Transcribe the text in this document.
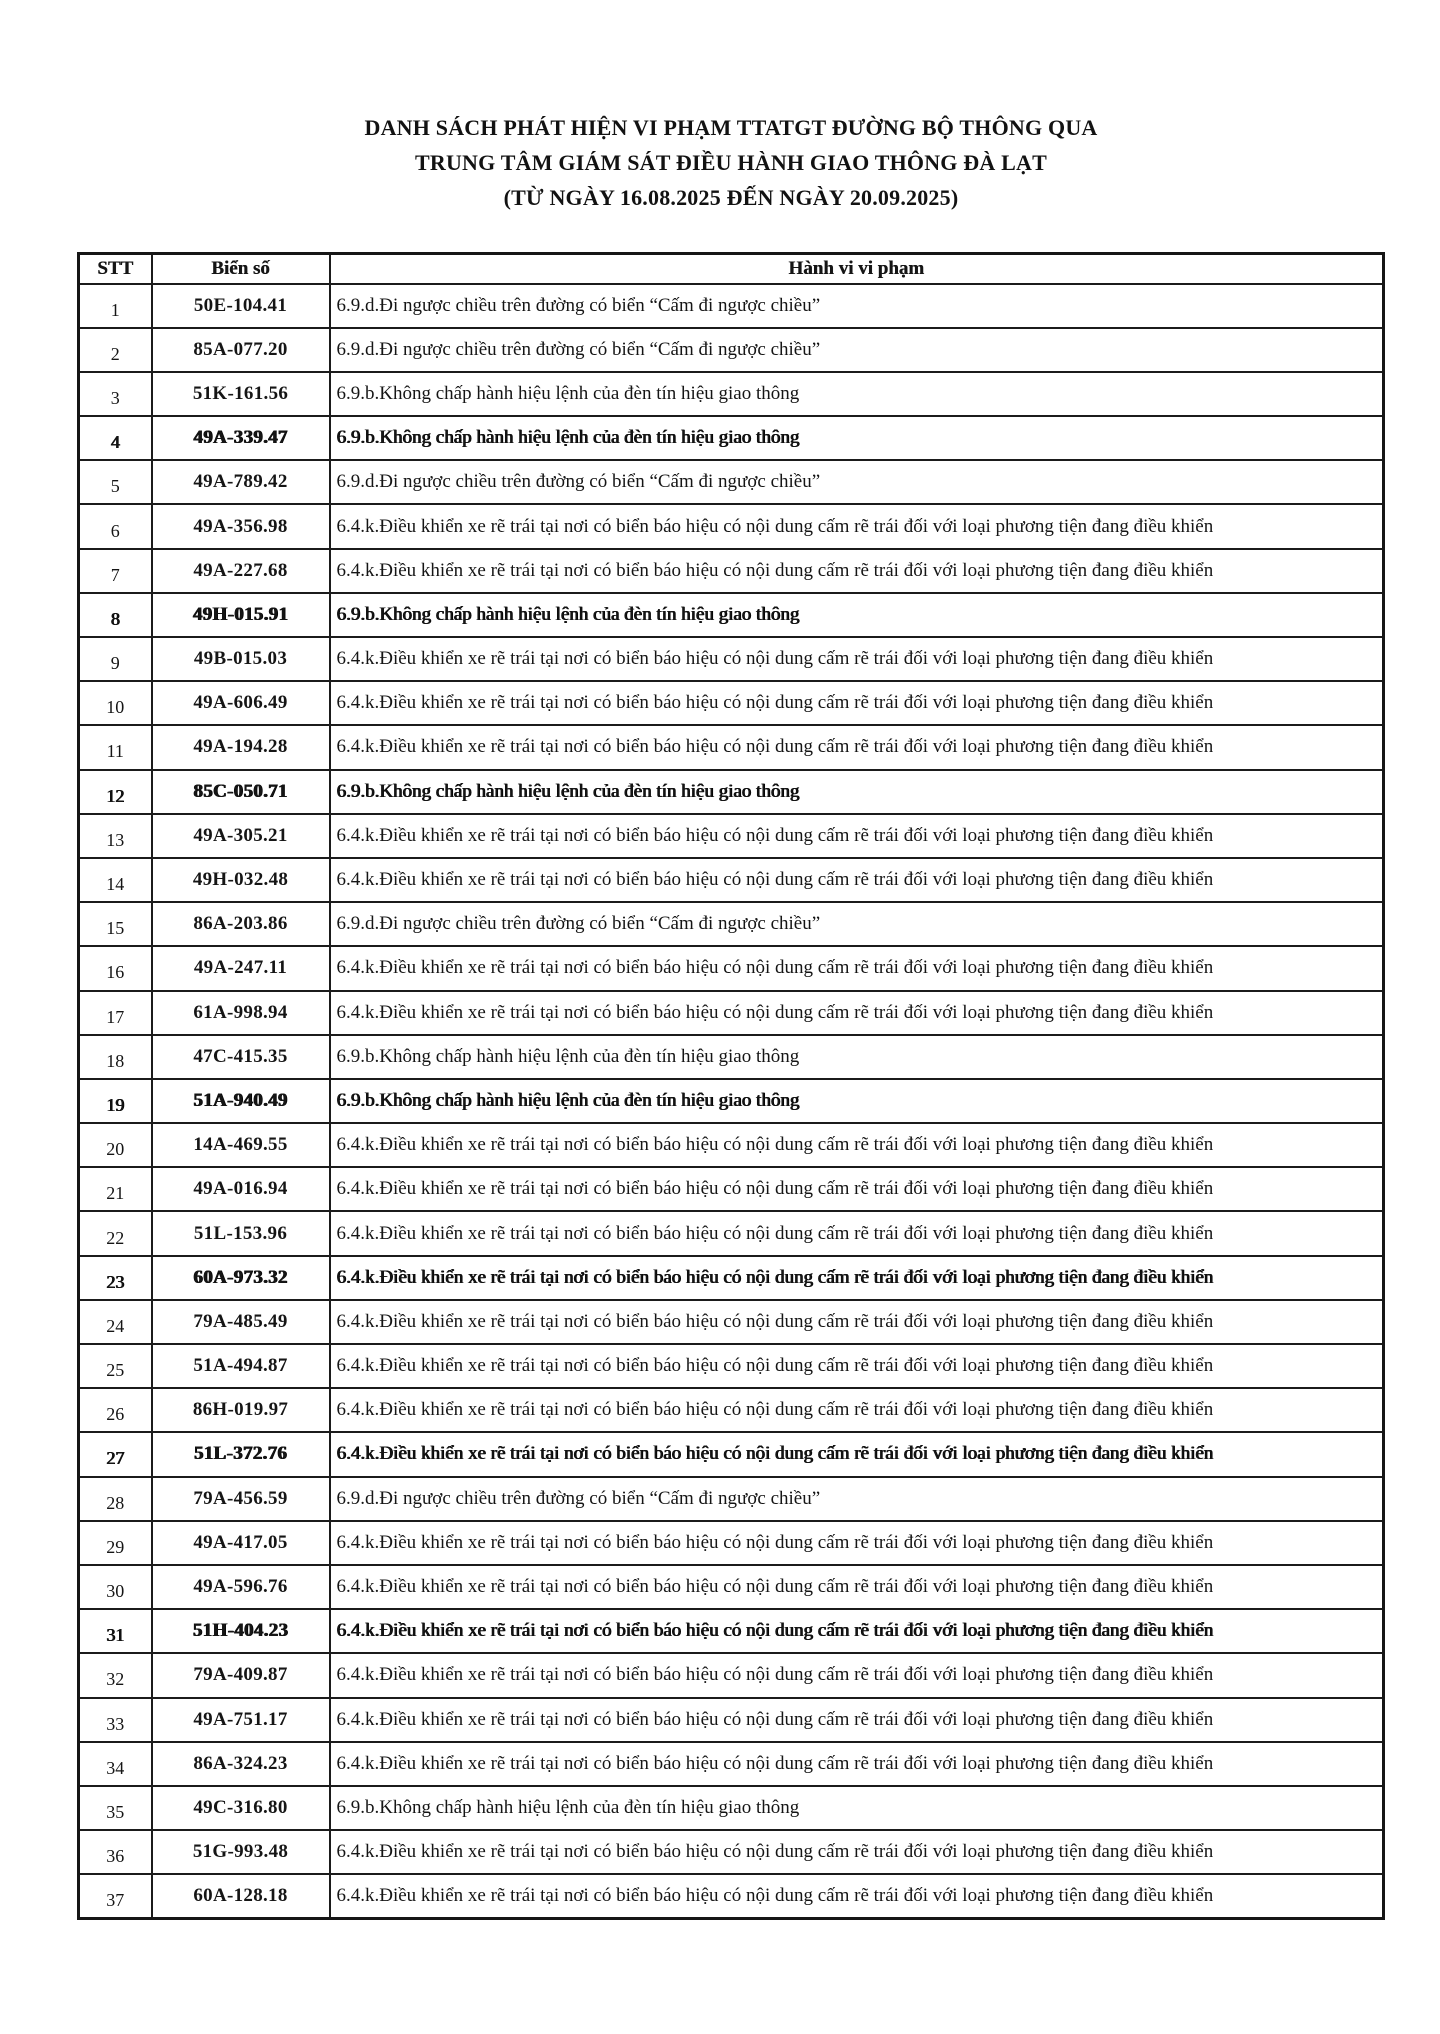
DANH SÁCH PHÁT HIỆN VI PHẠM TTATGT ĐƯỜNG BỘ THÔNG QUA
TRUNG TÂM GIÁM SÁT ĐIỀU HÀNH GIAO THÔNG ĐÀ LẠT
(TỪ NGÀY 16.08.2025 ĐẾN NGÀY 20.09.2025)
STT	Biển số	Hành vi vi phạm
1	50E-104.41	6.9.d.Đi ngược chiều trên đường có biển “Cấm đi ngược chiều”
2	85A-077.20	6.9.d.Đi ngược chiều trên đường có biển “Cấm đi ngược chiều”
3	51K-161.56	6.9.b.Không chấp hành hiệu lệnh của đèn tín hiệu giao thông
4	49A-339.47	6.9.b.Không chấp hành hiệu lệnh của đèn tín hiệu giao thông
5	49A-789.42	6.9.d.Đi ngược chiều trên đường có biển “Cấm đi ngược chiều”
6	49A-356.98	6.4.k.Điều khiển xe rẽ trái tại nơi có biển báo hiệu có nội dung cấm rẽ trái đối với loại phương tiện đang điều khiển
7	49A-227.68	6.4.k.Điều khiển xe rẽ trái tại nơi có biển báo hiệu có nội dung cấm rẽ trái đối với loại phương tiện đang điều khiển
8	49H-015.91	6.9.b.Không chấp hành hiệu lệnh của đèn tín hiệu giao thông
9	49B-015.03	6.4.k.Điều khiển xe rẽ trái tại nơi có biển báo hiệu có nội dung cấm rẽ trái đối với loại phương tiện đang điều khiển
10	49A-606.49	6.4.k.Điều khiển xe rẽ trái tại nơi có biển báo hiệu có nội dung cấm rẽ trái đối với loại phương tiện đang điều khiển
11	49A-194.28	6.4.k.Điều khiển xe rẽ trái tại nơi có biển báo hiệu có nội dung cấm rẽ trái đối với loại phương tiện đang điều khiển
12	85C-050.71	6.9.b.Không chấp hành hiệu lệnh của đèn tín hiệu giao thông
13	49A-305.21	6.4.k.Điều khiển xe rẽ trái tại nơi có biển báo hiệu có nội dung cấm rẽ trái đối với loại phương tiện đang điều khiển
14	49H-032.48	6.4.k.Điều khiển xe rẽ trái tại nơi có biển báo hiệu có nội dung cấm rẽ trái đối với loại phương tiện đang điều khiển
15	86A-203.86	6.9.d.Đi ngược chiều trên đường có biển “Cấm đi ngược chiều”
16	49A-247.11	6.4.k.Điều khiển xe rẽ trái tại nơi có biển báo hiệu có nội dung cấm rẽ trái đối với loại phương tiện đang điều khiển
17	61A-998.94	6.4.k.Điều khiển xe rẽ trái tại nơi có biển báo hiệu có nội dung cấm rẽ trái đối với loại phương tiện đang điều khiển
18	47C-415.35	6.9.b.Không chấp hành hiệu lệnh của đèn tín hiệu giao thông
19	51A-940.49	6.9.b.Không chấp hành hiệu lệnh của đèn tín hiệu giao thông
20	14A-469.55	6.4.k.Điều khiển xe rẽ trái tại nơi có biển báo hiệu có nội dung cấm rẽ trái đối với loại phương tiện đang điều khiển
21	49A-016.94	6.4.k.Điều khiển xe rẽ trái tại nơi có biển báo hiệu có nội dung cấm rẽ trái đối với loại phương tiện đang điều khiển
22	51L-153.96	6.4.k.Điều khiển xe rẽ trái tại nơi có biển báo hiệu có nội dung cấm rẽ trái đối với loại phương tiện đang điều khiển
23	60A-973.32	6.4.k.Điều khiển xe rẽ trái tại nơi có biển báo hiệu có nội dung cấm rẽ trái đối với loại phương tiện đang điều khiển
24	79A-485.49	6.4.k.Điều khiển xe rẽ trái tại nơi có biển báo hiệu có nội dung cấm rẽ trái đối với loại phương tiện đang điều khiển
25	51A-494.87	6.4.k.Điều khiển xe rẽ trái tại nơi có biển báo hiệu có nội dung cấm rẽ trái đối với loại phương tiện đang điều khiển
26	86H-019.97	6.4.k.Điều khiển xe rẽ trái tại nơi có biển báo hiệu có nội dung cấm rẽ trái đối với loại phương tiện đang điều khiển
27	51L-372.76	6.4.k.Điều khiển xe rẽ trái tại nơi có biển báo hiệu có nội dung cấm rẽ trái đối với loại phương tiện đang điều khiển
28	79A-456.59	6.9.d.Đi ngược chiều trên đường có biển “Cấm đi ngược chiều”
29	49A-417.05	6.4.k.Điều khiển xe rẽ trái tại nơi có biển báo hiệu có nội dung cấm rẽ trái đối với loại phương tiện đang điều khiển
30	49A-596.76	6.4.k.Điều khiển xe rẽ trái tại nơi có biển báo hiệu có nội dung cấm rẽ trái đối với loại phương tiện đang điều khiển
31	51H-404.23	6.4.k.Điều khiển xe rẽ trái tại nơi có biển báo hiệu có nội dung cấm rẽ trái đối với loại phương tiện đang điều khiển
32	79A-409.87	6.4.k.Điều khiển xe rẽ trái tại nơi có biển báo hiệu có nội dung cấm rẽ trái đối với loại phương tiện đang điều khiển
33	49A-751.17	6.4.k.Điều khiển xe rẽ trái tại nơi có biển báo hiệu có nội dung cấm rẽ trái đối với loại phương tiện đang điều khiển
34	86A-324.23	6.4.k.Điều khiển xe rẽ trái tại nơi có biển báo hiệu có nội dung cấm rẽ trái đối với loại phương tiện đang điều khiển
35	49C-316.80	6.9.b.Không chấp hành hiệu lệnh của đèn tín hiệu giao thông
36	51G-993.48	6.4.k.Điều khiển xe rẽ trái tại nơi có biển báo hiệu có nội dung cấm rẽ trái đối với loại phương tiện đang điều khiển
37	60A-128.18	6.4.k.Điều khiển xe rẽ trái tại nơi có biển báo hiệu có nội dung cấm rẽ trái đối với loại phương tiện đang điều khiển
